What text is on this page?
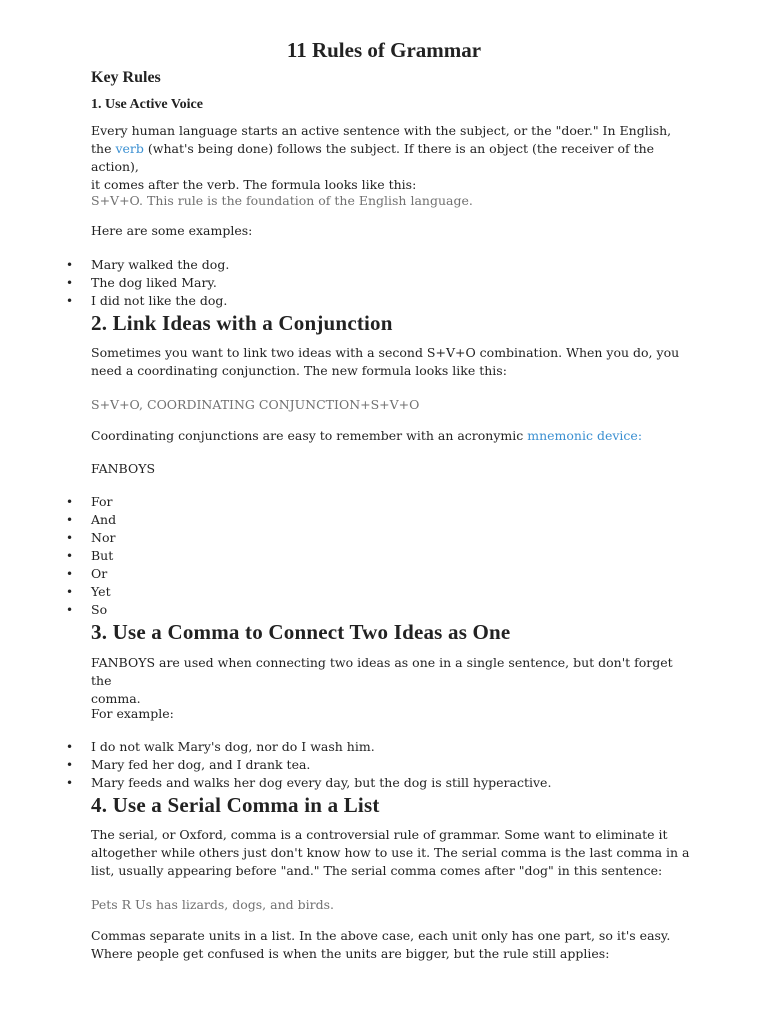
11 Rules of Grammar
Key Rules
1. Use Active Voice
Every human language starts an active sentence with the subject, or the "doer." In English,
the verb (what's being done) follows the subject. If there is an object (the receiver of the action),
it comes after the verb. The formula looks like this:
S+V+O. This rule is the foundation of the English language.
Here are some examples:
• Mary walked the dog.
• The dog liked Mary.
• I did not like the dog.
2. Link Ideas with a Conjunction
Sometimes you want to link two ideas with a second S+V+O combination. When you do, you
need a coordinating conjunction. The new formula looks like this:
S+V+O, COORDINATING CONJUNCTION+S+V+O
Coordinating conjunctions are easy to remember with an acronymic mnemonic device:
FANBOYS
• For
• And
• Nor
• But
• Or
• Yet
• So
3. Use a Comma to Connect Two Ideas as One
FANBOYS are used when connecting two ideas as one in a single sentence, but don't forget the
comma.
For example:
• I do not walk Mary's dog, nor do I wash him.
• Mary fed her dog, and I drank tea.
• Mary feeds and walks her dog every day, but the dog is still hyperactive.
4. Use a Serial Comma in a List
The serial, or Oxford, comma is a controversial rule of grammar. Some want to eliminate it
altogether while others just don't know how to use it. The serial comma is the last comma in a
list, usually appearing before "and." The serial comma comes after "dog" in this sentence:
Pets R Us has lizards, dogs, and birds.
Commas separate units in a list. In the above case, each unit only has one part, so it's easy.
Where people get confused is when the units are bigger, but the rule still applies:
